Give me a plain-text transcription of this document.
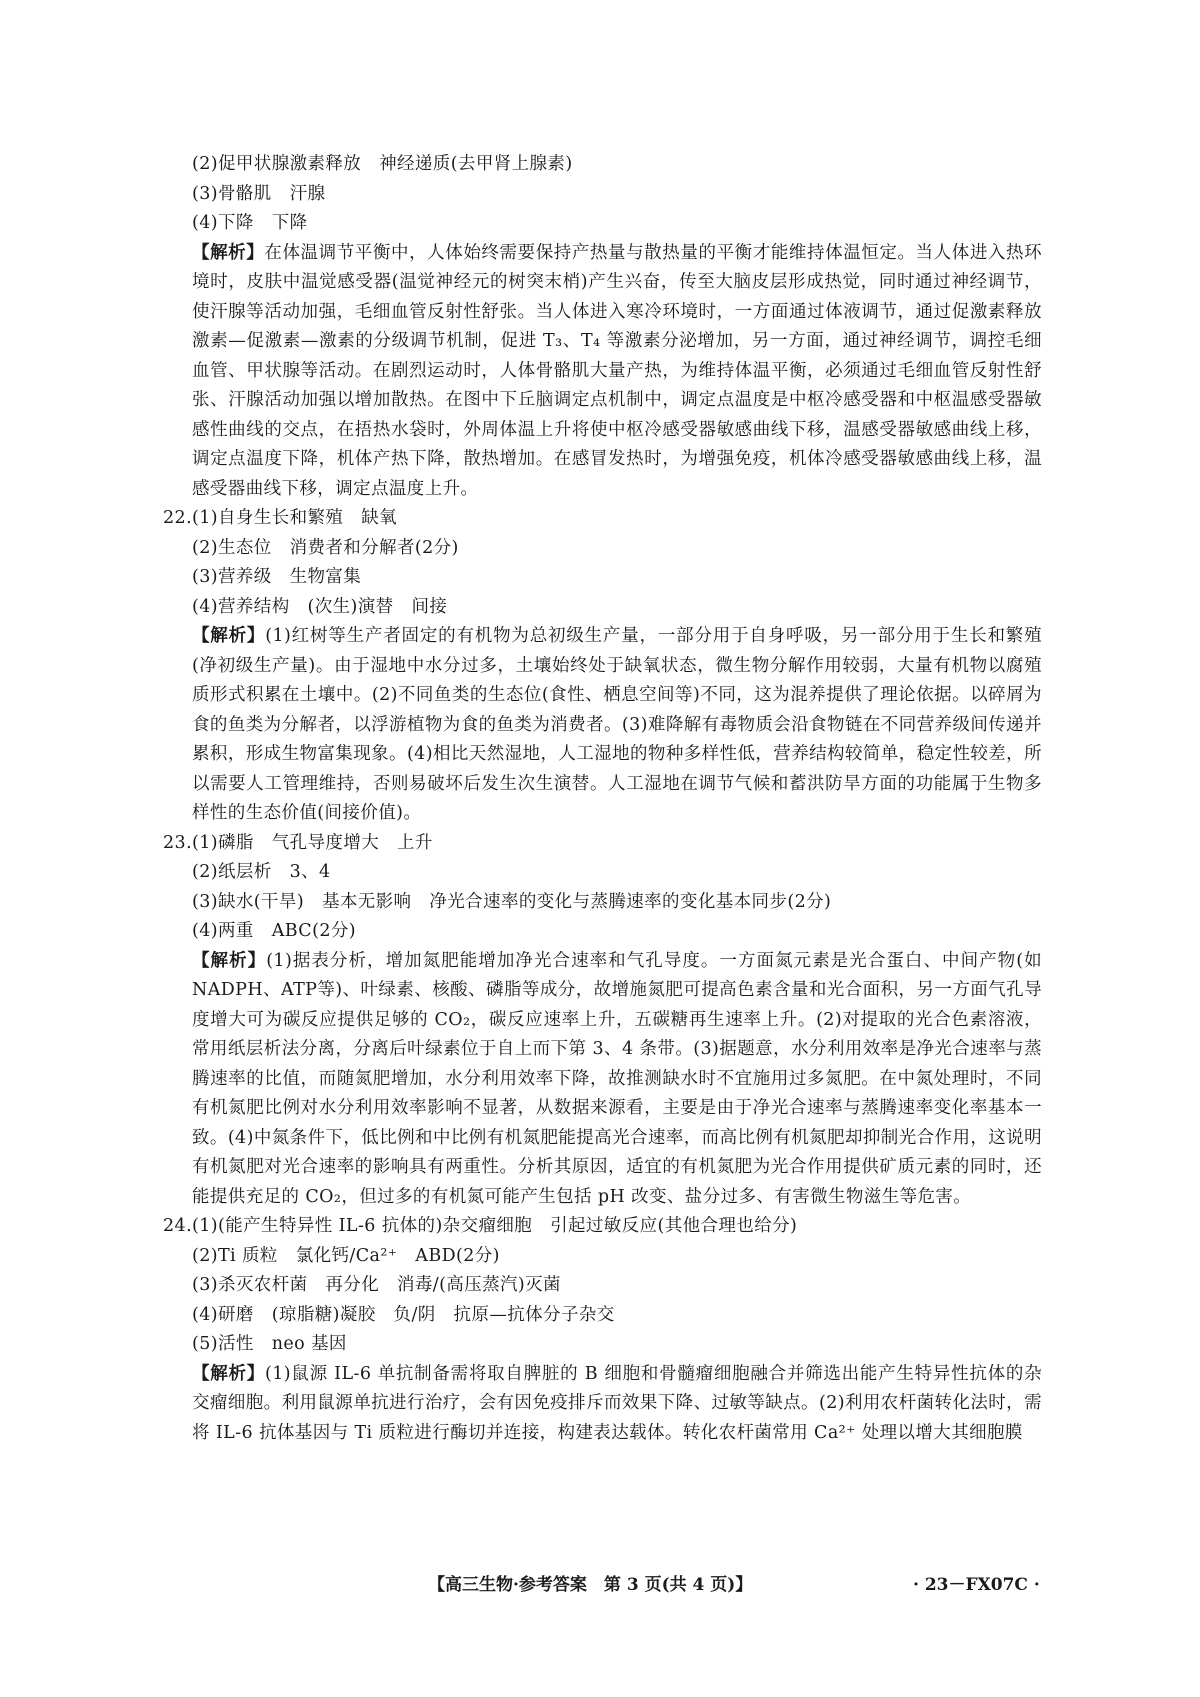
(2)促甲状腺激素释放　神经递质(去甲肾上腺素)
(3)骨骼肌　汗腺
(4)下降　下降
【解析】在体温调节平衡中，人体始终需要保持产热量与散热量的平衡才能维持体温恒定。当人体进入热环境时，皮肤中温觉感受器(温觉神经元的树突末梢)产生兴奋，传至大脑皮层形成热觉，同时通过神经调节，使汗腺等活动加强，毛细血管反射性舒张。当人体进入寒冷环境时，一方面通过体液调节，通过促激素释放激素—促激素—激素的分级调节机制，促进 T₃、T₄ 等激素分泌增加，另一方面，通过神经调节，调控毛细血管、甲状腺等活动。在剧烈运动时，人体骨骼肌大量产热，为维持体温平衡，必须通过毛细血管反射性舒张、汗腺活动加强以增加散热。在图中下丘脑调定点机制中，调定点温度是中枢冷感受器和中枢温感受器敏感性曲线的交点，在捂热水袋时，外周体温上升将使中枢冷感受器敏感曲线下移，温感受器敏感曲线上移，调定点温度下降，机体产热下降，散热增加。在感冒发热时，为增强免疫，机体冷感受器敏感曲线上移，温感受器曲线下移，调定点温度上升。
22.(1)自身生长和繁殖　缺氧
(2)生态位　消费者和分解者(2分)
(3)营养级　生物富集
(4)营养结构　(次生)演替　间接
【解析】(1)红树等生产者固定的有机物为总初级生产量，一部分用于自身呼吸，另一部分用于生长和繁殖(净初级生产量)。由于湿地中水分过多，土壤始终处于缺氧状态，微生物分解作用较弱，大量有机物以腐殖质形式积累在土壤中。(2)不同鱼类的生态位(食性、栖息空间等)不同，这为混养提供了理论依据。以碎屑为食的鱼类为分解者，以浮游植物为食的鱼类为消费者。(3)难降解有毒物质会沿食物链在不同营养级间传递并累积，形成生物富集现象。(4)相比天然湿地，人工湿地的物种多样性低，营养结构较简单，稳定性较差，所以需要人工管理维持，否则易破坏后发生次生演替。人工湿地在调节气候和蓄洪防旱方面的功能属于生物多样性的生态价值(间接价值)。
23.(1)磷脂　气孔导度增大　上升
(2)纸层析　3、4
(3)缺水(干旱)　基本无影响　净光合速率的变化与蒸腾速率的变化基本同步(2分)
(4)两重　ABC(2分)
【解析】(1)据表分析，增加氮肥能增加净光合速率和气孔导度。一方面氮元素是光合蛋白、中间产物(如NADPH、ATP等)、叶绿素、核酸、磷脂等成分，故增施氮肥可提高色素含量和光合面积，另一方面气孔导度增大可为碳反应提供足够的 CO₂，碳反应速率上升，五碳糖再生速率上升。(2)对提取的光合色素溶液，常用纸层析法分离，分离后叶绿素位于自上而下第 3、4 条带。(3)据题意，水分利用效率是净光合速率与蒸腾速率的比值，而随氮肥增加，水分利用效率下降，故推测缺水时不宜施用过多氮肥。在中氮处理时，不同有机氮肥比例对水分利用效率影响不显著，从数据来源看，主要是由于净光合速率与蒸腾速率变化率基本一致。(4)中氮条件下，低比例和中比例有机氮肥能提高光合速率，而高比例有机氮肥却抑制光合作用，这说明有机氮肥对光合速率的影响具有两重性。分析其原因，适宜的有机氮肥为光合作用提供矿质元素的同时，还能提供充足的 CO₂，但过多的有机氮可能产生包括 pH 改变、盐分过多、有害微生物滋生等危害。
24.(1)(能产生特异性 IL-6 抗体的)杂交瘤细胞　引起过敏反应(其他合理也给分)
(2)Ti 质粒　氯化钙/Ca²⁺　ABD(2分)
(3)杀灭农杆菌　再分化　消毒/(高压蒸汽)灭菌
(4)研磨　(琼脂糖)凝胶　负/阴　抗原—抗体分子杂交
(5)活性　neo 基因
【解析】(1)鼠源 IL-6 单抗制备需将取自脾脏的 B 细胞和骨髓瘤细胞融合并筛选出能产生特异性抗体的杂交瘤细胞。利用鼠源单抗进行治疗，会有因免疫排斥而效果下降、过敏等缺点。(2)利用农杆菌转化法时，需将 IL-6 抗体基因与 Ti 质粒进行酶切并连接，构建表达载体。转化农杆菌常用 Ca²⁺ 处理以增大其细胞膜
【高三生物·参考答案　第 3 页(共 4 页)】	· 23－FX07C ·
